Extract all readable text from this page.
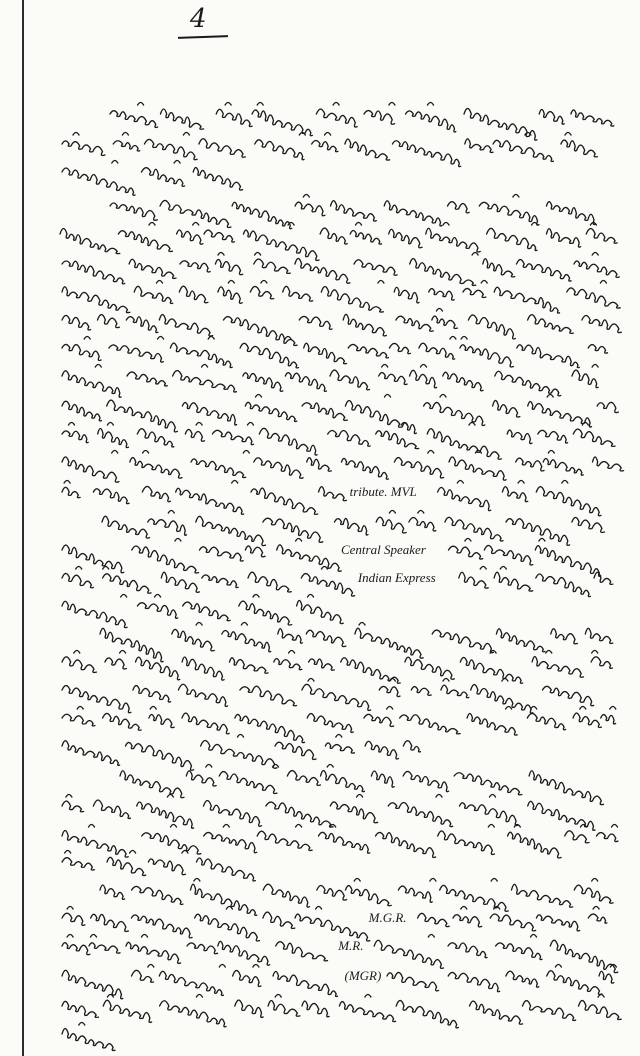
4
tribute. MVL
Central Speaker
Indian Express
M.G.R.
M.R.
(MGR)
